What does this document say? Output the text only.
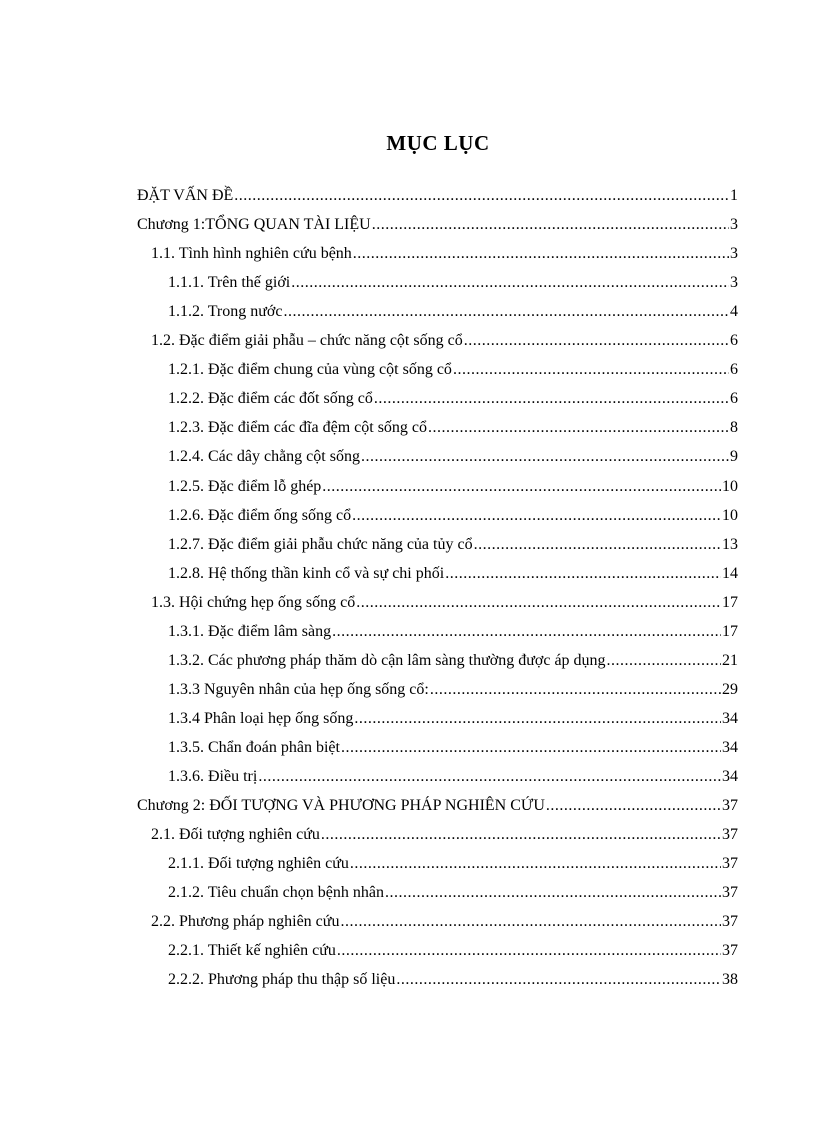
MỤC LỤC
ĐẶT VẤN ĐỀ .....	1
Chương 1:TỔNG QUAN TÀI LIỆU .....	3
1.1. Tình hình nghiên cứu bệnh .....	3
1.1.1. Trên thế giới .....	3
1.1.2. Trong nước .....	4
1.2. Đặc điểm giải phẫu – chức năng cột sống cổ .....	6
1.2.1. Đặc điểm chung của vùng cột sống cổ .....	6
1.2.2. Đặc điểm các đốt sống cổ .....	6
1.2.3. Đặc điểm các đĩa đệm cột sống cổ .....	8
1.2.4. Các dây chằng cột sống .....	9
1.2.5. Đặc điểm lỗ ghép .....	10
1.2.6. Đặc điểm ống sống cổ .....	10
1.2.7. Đặc điểm giải phẫu chức năng của tủy cổ .....	13
1.2.8. Hệ thống thần kinh cổ và sự chi phối .....	14
1.3. Hội chứng hẹp ống sống cổ .....	17
1.3.1. Đặc điểm lâm sàng .....	17
1.3.2. Các phương pháp thăm dò cận lâm sàng thường được áp dụng .....	21
1.3.3 Nguyên nhân của hẹp ống sống cổ: .....	29
1.3.4 Phân loại hẹp ống sống .....	34
1.3.5. Chẩn đoán phân biệt .....	34
1.3.6. Điều trị .....	34
Chương 2: ĐỐI TƯỢNG VÀ PHƯƠNG PHÁP NGHIÊN CỨU .....	37
2.1. Đối tượng nghiên cứu .....	37
2.1.1. Đối tượng nghiên cứu .....	37
2.1.2. Tiêu chuẩn chọn bệnh nhân .....	37
2.2. Phương pháp nghiên cứu .....	37
2.2.1. Thiết kế nghiên cứu .....	37
2.2.2. Phương pháp thu thập số liệu .....	38
